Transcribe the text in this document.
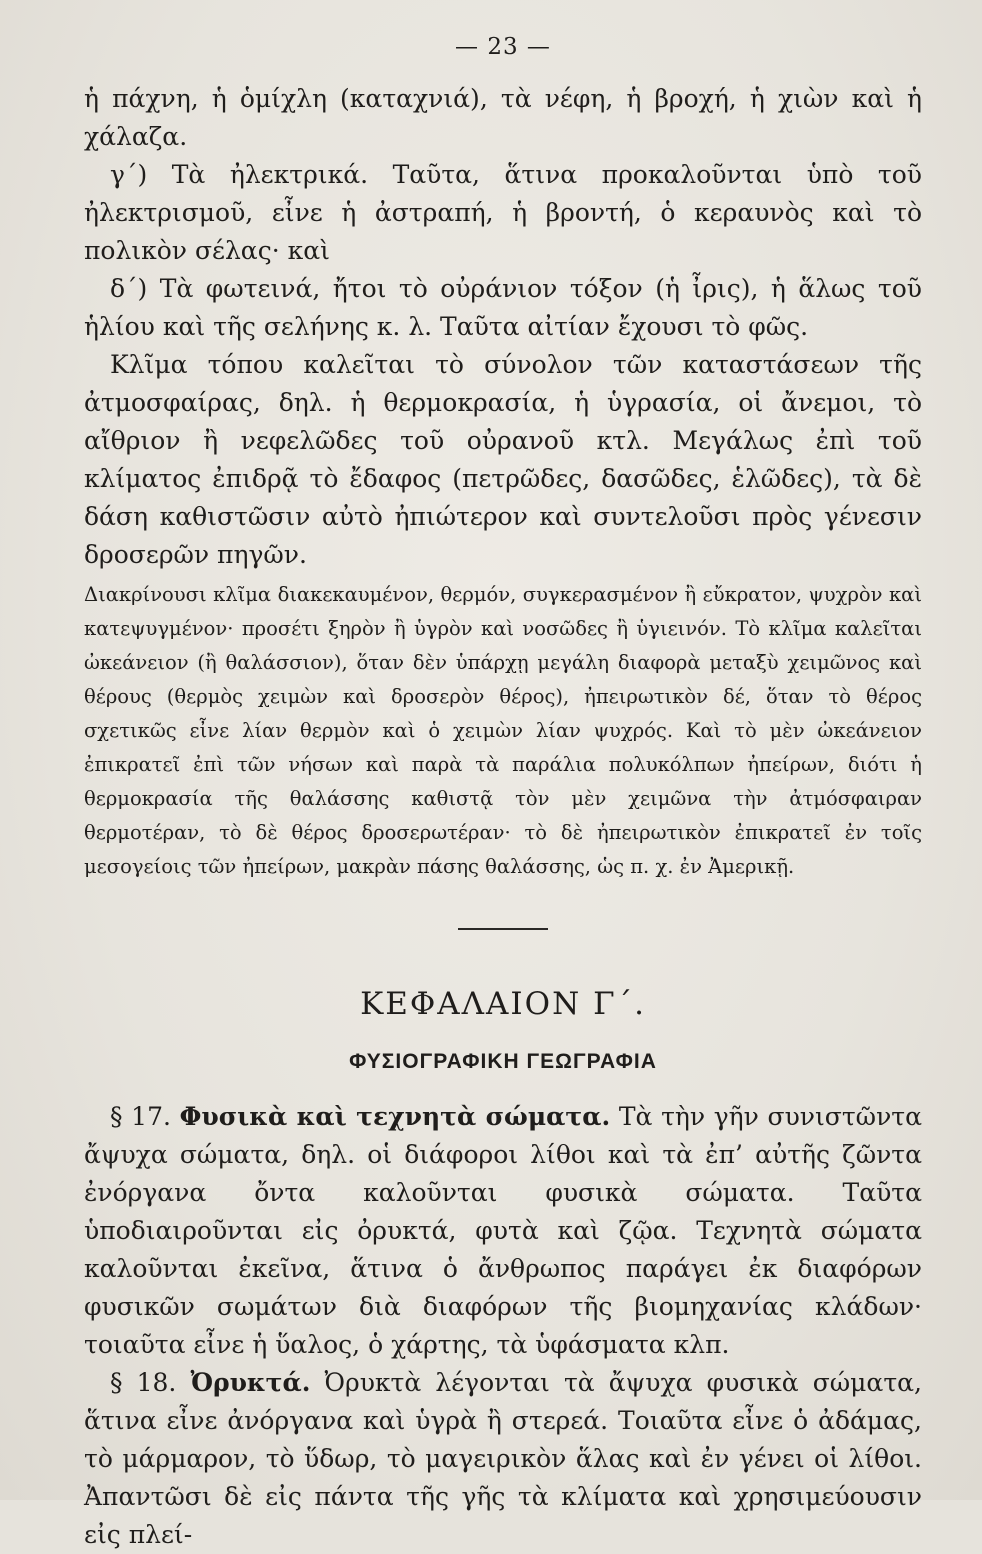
— 23 —

ἡ πάχνη, ἡ ὁμίχλη (καταχνιά), τὰ νέφη, ἡ βροχή, ἡ χιὼν καὶ ἡ χάλαζα.

γ΄) Τὰ ἠλεκτρικά. Ταῦτα, ἅτινα προκαλοῦνται ὑπὸ τοῦ ἠλεκτρισμοῦ, εἶνε ἡ ἀστραπή, ἡ βροντή, ὁ κεραυνὸς καὶ τὸ πολικὸν σέλας· καὶ

δ΄) Τὰ φωτεινά, ἤτοι τὸ οὐράνιον τόξον (ἡ ἶρις), ἡ ἅλως τοῦ ἡλίου καὶ τῆς σελήνης κ. λ. Ταῦτα αἰτίαν ἔχουσι τὸ φῶς.

Κλῖμα τόπου καλεῖται τὸ σύνολον τῶν καταστάσεων τῆς ἀτμοσφαίρας, δηλ. ἡ θερμοκρασία, ἡ ὑγρασία, οἱ ἄνεμοι, τὸ αἴθριον ἢ νεφελῶδες τοῦ οὐρανοῦ κτλ. Μεγάλως ἐπὶ τοῦ κλίματος ἐπιδρᾷ τὸ ἔδαφος (πετρῶδες, δασῶδες, ἑλῶδες), τὰ δὲ δάση καθιστῶσιν αὐτὸ ἠπιώτερον καὶ συντελοῦσι πρὸς γένεσιν δροσερῶν πηγῶν.

Διακρίνουσι κλῖμα διακεκαυμένον, θερμόν, συγκερασμένον ἢ εὔκρατον, ψυχρὸν καὶ κατεψυγμένον· προσέτι ξηρὸν ἢ ὑγρὸν καὶ νοσῶδες ἢ ὑγιεινόν. Τὸ κλῖμα καλεῖται ὠκεάνειον (ἢ θαλάσσιον), ὅταν δὲν ὑπάρχῃ μεγάλη διαφορὰ μεταξὺ χειμῶνος καὶ θέρους (θερμὸς χειμὼν καὶ δροσερὸν θέρος), ἠπειρωτικὸν δέ, ὅταν τὸ θέρος σχετικῶς εἶνε λίαν θερμὸν καὶ ὁ χειμὼν λίαν ψυχρός. Καὶ τὸ μὲν ὠκεάνειον ἐπικρατεῖ ἐπὶ τῶν νήσων καὶ παρὰ τὰ παράλια πολυκόλπων ἠπείρων, διότι ἡ θερμοκρασία τῆς θαλάσσης καθιστᾷ τὸν μὲν χειμῶνα τὴν ἀτμόσφαιραν θερμοτέραν, τὸ δὲ θέρος δροσερωτέραν· τὸ δὲ ἠπειρωτικὸν ἐπικρατεῖ ἐν τοῖς μεσογείοις τῶν ἠπείρων, μακρὰν πάσης θαλάσσης, ὡς π. χ. ἐν Ἀμερικῇ.

ΚΕΦΑΛΑΙΟΝ Γ΄.
ΦΥΣΙΟΓΡΑΦΙΚΗ ΓΕΩΓΡΑΦΙΑ

§ 17. Φυσικὰ καὶ τεχνητὰ σώματα. Τὰ τὴν γῆν συνιστῶντα ἄψυχα σώματα, δηλ. οἱ διάφοροι λίθοι καὶ τὰ ἐπ’ αὐτῆς ζῶντα ἐνόργανα ὄντα καλοῦνται φυσικὰ σώματα. Ταῦτα ὑποδιαιροῦνται εἰς ὀρυκτά, φυτὰ καὶ ζῷα. Τεχνητὰ σώματα καλοῦνται ἐκεῖνα, ἅτινα ὁ ἄνθρωπος παράγει ἐκ διαφόρων φυσικῶν σωμάτων διὰ διαφόρων τῆς βιομηχανίας κλάδων· τοιαῦτα εἶνε ἡ ὕαλος, ὁ χάρτης, τὰ ὑφάσματα κλπ.

§ 18. Ὀρυκτά. Ὀρυκτὰ λέγονται τὰ ἄψυχα φυσικὰ σώματα, ἅτινα εἶνε ἀνόργανα καὶ ὑγρὰ ἢ στερεά. Τοιαῦτα εἶνε ὁ ἀδάμας, τὸ μάρμαρον, τὸ ὕδωρ, τὸ μαγειρικὸν ἅλας καὶ ἐν γένει οἱ λίθοι. Ἀπαντῶσι δὲ εἰς πάντα τῆς γῆς τὰ κλίματα καὶ χρησιμεύουσιν εἰς πλεί-
